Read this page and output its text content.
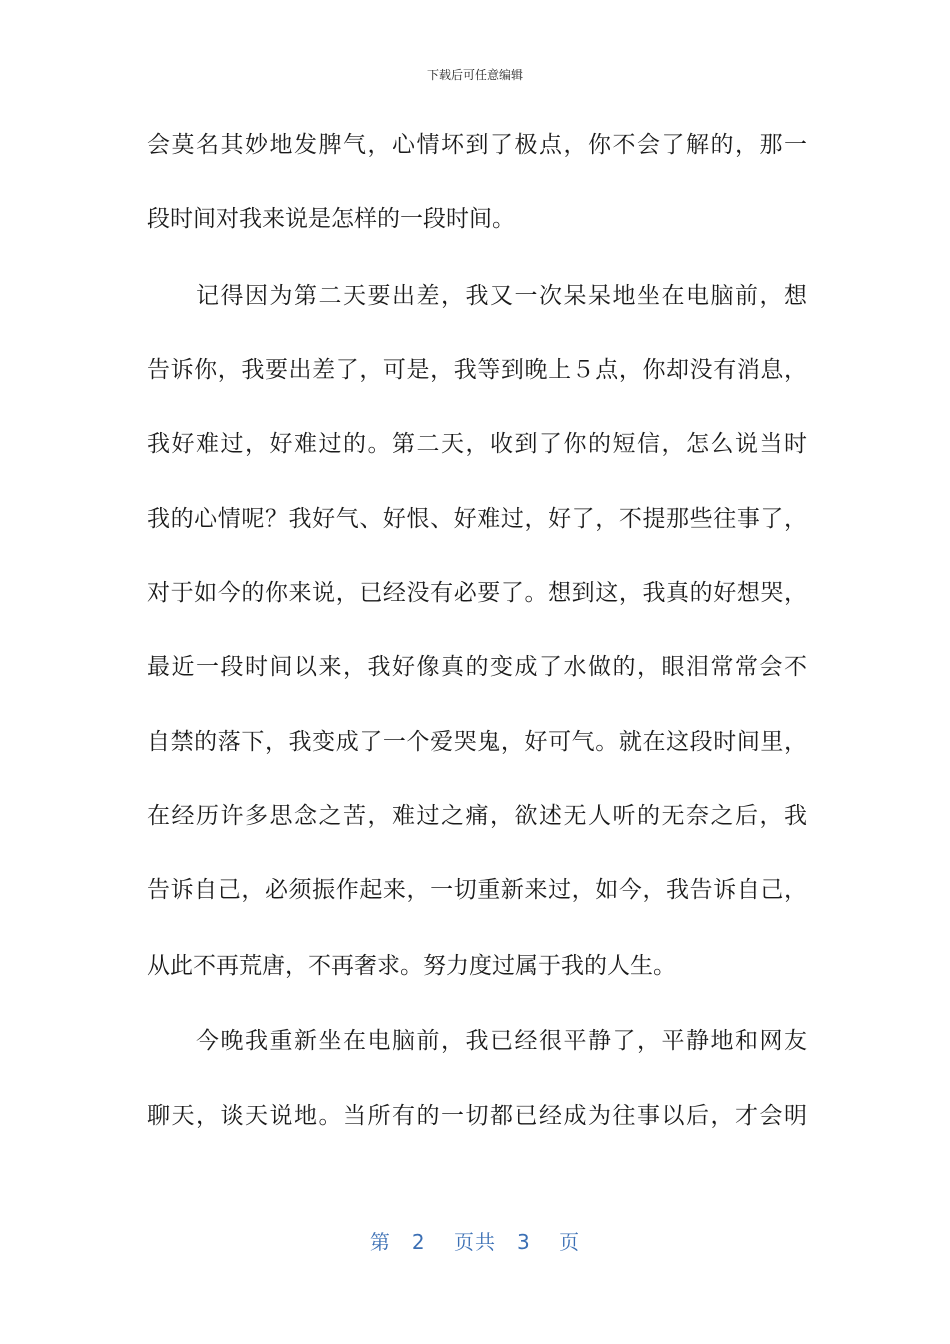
下载后可任意编辑
会莫名其妙地发脾气，心情坏到了极点，你不会了解的，那一
段时间对我来说是怎样的一段时间。
　　记得因为第二天要出差，我又一次呆呆地坐在电脑前，想
告诉你，我要出差了，可是，我等到晚上５点，你却没有消息，
我好难过，好难过的。第二天，收到了你的短信，怎么说当时
我的心情呢？我好气、好恨、好难过，好了，不提那些往事了，
对于如今的你来说，已经没有必要了。想到这，我真的好想哭，
最近一段时间以来，我好像真的变成了水做的，眼泪常常会不
自禁的落下，我变成了一个爱哭鬼，好可气。就在这段时间里，
在经历许多思念之苦，难过之痛，欲述无人听的无奈之后，我
告诉自己，必须振作起来，一切重新来过，如今，我告诉自己，
从此不再荒唐，不再奢求。努力度过属于我的人生。
　　今晚我重新坐在电脑前，我已经很平静了，平静地和网友
聊天，谈天说地。当所有的一切都已经成为往事以后，才会明
第　2　 页共　3　 页
